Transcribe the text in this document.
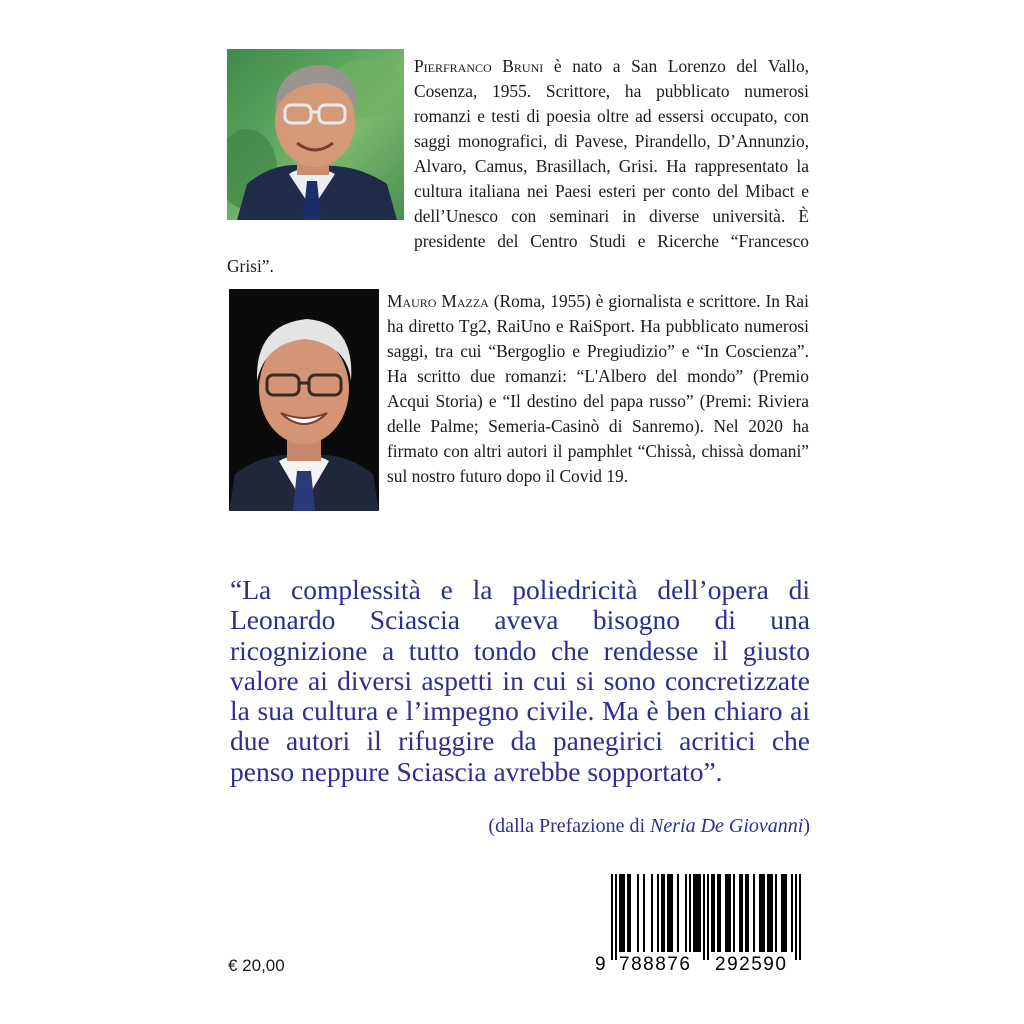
Pierfranco Bruni è nato a San Lorenzo del Vallo, Cosenza, 1955. Scrittore, ha pubblicato numerosi romanzi e testi di poesia oltre ad essersi occupato, con saggi monografici, di Pavese, Pirandello, D’Annunzio, Alvaro, Camus, Brasillach, Grisi. Ha rappresentato la cultura italiana nei Paesi esteri per conto del Mibact e dell’Unesco con seminari in diverse università. È presidente del Centro Studi e Ricerche “Francesco Grisi”.
Mauro Mazza (Roma, 1955) è giornalista e scrittore. In Rai ha diretto Tg2, RaiUno e RaiSport. Ha pubblicato numerosi saggi, tra cui “Bergoglio e Pregiudizio” e “In Coscienza”. Ha scritto due romanzi: “L'Albero del mondo” (Premio Acqui Storia) e “Il destino del papa russo” (Premi: Riviera delle Palme; Semeria-Casinò di Sanremo). Nel 2020 ha firmato con altri autori il pamphlet “Chissà, chissà domani” sul nostro futuro dopo il Covid 19.
“La complessità e la poliedricità dell’opera di Leonardo Sciascia aveva bisogno di una ricognizione a tutto tondo che rendesse il giusto valore ai diversi aspetti in cui si sono concretizzate la sua cultura e l’impegno civile. Ma è ben chiaro ai due autori il rifuggire da panegirici acritici che penso neppure Sciascia avrebbe sopportato”.
(dalla Prefazione di Neria De Giovanni)
€ 20,00	9 788876 292590
